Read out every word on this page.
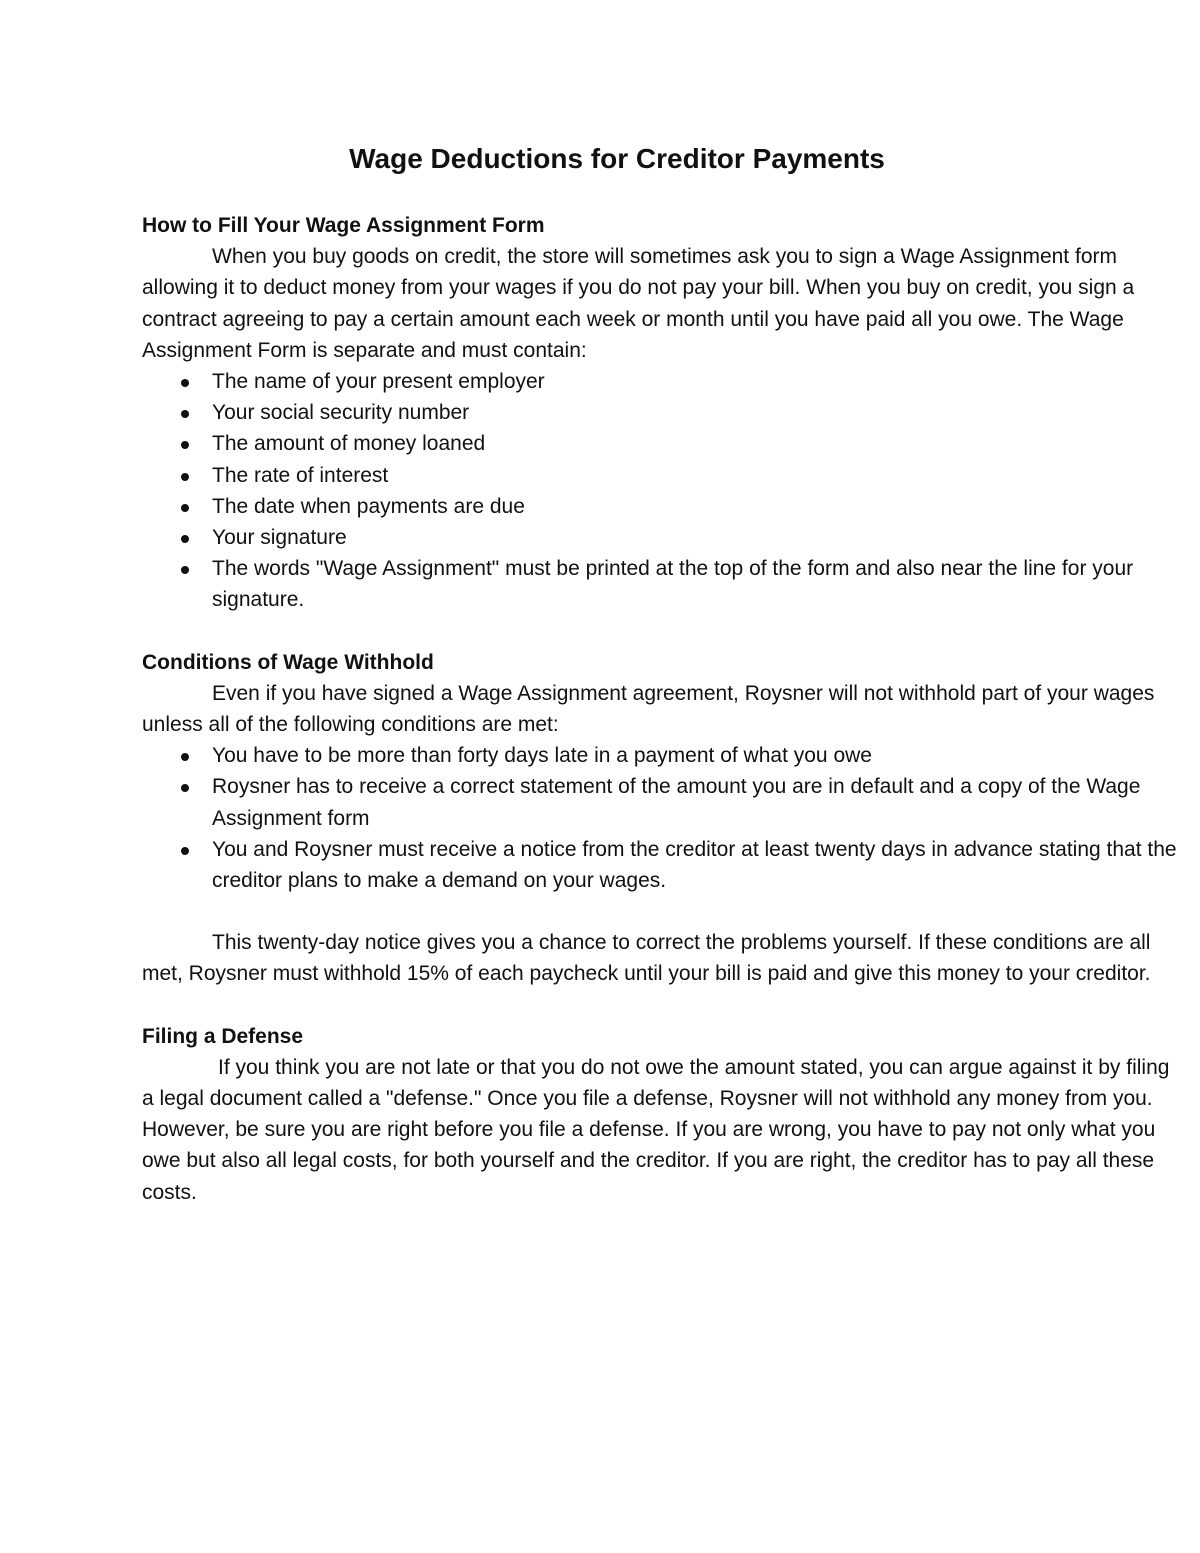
Wage Deductions for Creditor Payments

How to Fill Your Wage Assignment Form

When you buy goods on credit, the store will sometimes ask you to sign a Wage Assignment form allowing it to deduct money from your wages if you do not pay your bill. When you buy on credit, you sign a contract agreeing to pay a certain amount each week or month until you have paid all you owe. The Wage Assignment Form is separate and must contain:

The name of your present employer
Your social security number
The amount of money loaned
The rate of interest
The date when payments are due
Your signature
The words "Wage Assignment" must be printed at the top of the form and also near the line for your signature.

Conditions of Wage Withhold

Even if you have signed a Wage Assignment agreement, Roysner will not withhold part of your wages unless all of the following conditions are met:

You have to be more than forty days late in a payment of what you owe
Roysner has to receive a correct statement of the amount you are in default and a copy of the Wage Assignment form
You and Roysner must receive a notice from the creditor at least twenty days in advance stating that the creditor plans to make a demand on your wages.

This twenty-day notice gives you a chance to correct the problems yourself. If these conditions are all met, Roysner must withhold 15% of each paycheck until your bill is paid and give this money to your creditor.

Filing a Defense

If you think you are not late or that you do not owe the amount stated, you can argue against it by filing a legal document called a "defense." Once you file a defense, Roysner will not withhold any money from you. However, be sure you are right before you file a defense. If you are wrong, you have to pay not only what you owe but also all legal costs, for both yourself and the creditor. If you are right, the creditor has to pay all these costs.
